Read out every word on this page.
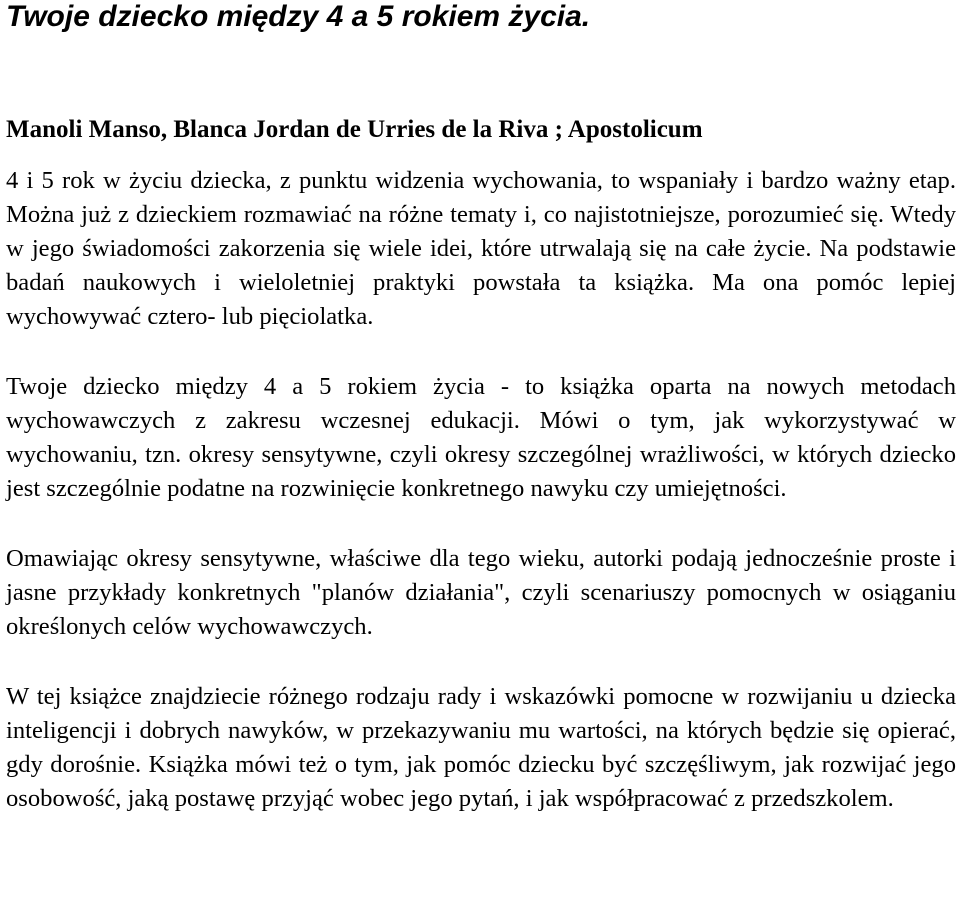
Twoje dziecko między 4 a 5 rokiem życia.
Manoli Manso, Blanca Jordan de Urries de la Riva ; Apostolicum

4 i 5 rok w życiu dziecka, z punktu widzenia wychowania, to wspaniały i bardzo ważny etap. Można już z dzieckiem rozmawiać na różne tematy i, co najistotniejsze, porozumieć się. Wtedy w jego świadomości zakorzenia się wiele idei, które utrwalają się na całe życie. Na podstawie badań naukowych i wieloletniej praktyki powstała ta książka. Ma ona pomóc lepiej wychowywać cztero- lub pięciolatka.

Twoje dziecko między 4 a 5 rokiem życia - to książka oparta na nowych metodach wychowawczych z zakresu wczesnej edukacji. Mówi o tym, jak wykorzystywać w wychowaniu, tzn. okresy sensytywne, czyli okresy szczególnej wrażliwości, w których dziecko jest szczególnie podatne na rozwinięcie konkretnego nawyku czy umiejętności.

Omawiając okresy sensytywne, właściwe dla tego wieku, autorki podają jednocześnie proste i jasne przykłady konkretnych "planów działania", czyli scenariuszy pomocnych w osiąganiu określonych celów wychowawczych.

W tej książce znajdziecie różnego rodzaju rady i wskazówki pomocne w rozwijaniu u dziecka inteligencji i dobrych nawyków, w przekazywaniu mu wartości, na których będzie się opierać, gdy dorośnie. Książka mówi też o tym, jak pomóc dziecku być szczęśliwym, jak rozwijać jego osobowość, jaką postawę przyjąć wobec jego pytań, i jak współpracować z przedszkolem.
